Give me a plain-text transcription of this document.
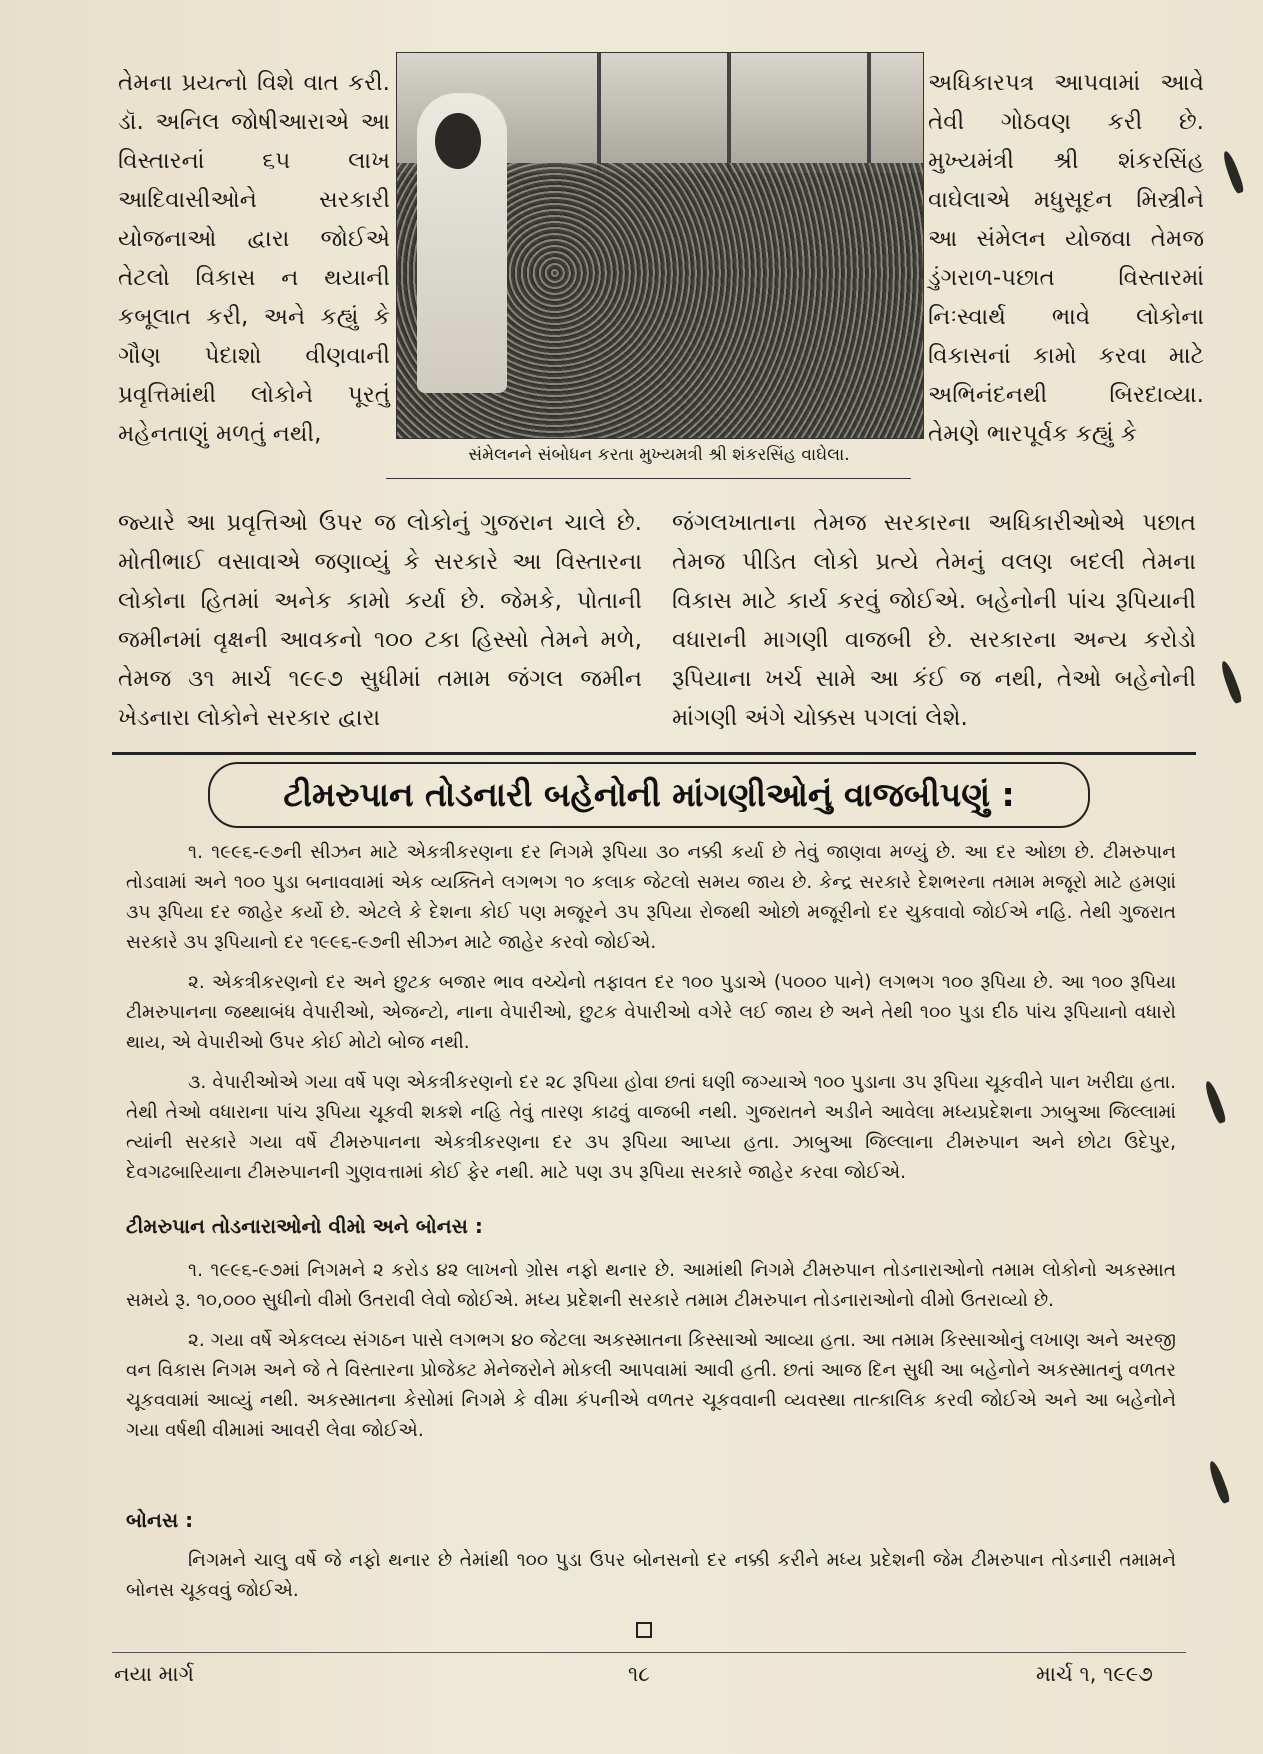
તેમના પ્રયત્નો વિશે વાત કરી. ડૉ. અનિલ જોષીઆરાએ આ વિસ્તારનાં ૬૫ લાખ આદિવાસીઓને સરકારી યોજનાઓ દ્વારા જોઈએ તેટલો વિકાસ ન થયાની કબૂલાત કરી, અને કહ્યું કે ગૌણ પેદાશો વીણવાની પ્રવૃત્તિમાંથી લોકોને પૂરતું મહેનતાણું મળતું નથી,
સંમેલનને સંબોધન કરતા મુખ્યમત્રી શ્રી શંકરસિંહ વાઘેલા.
અધિકારપત્ર આપવામાં આવે તેવી ગોઠવણ કરી છે. મુખ્યમંત્રી શ્રી શંકરસિંહ વાઘેલાએ મધુસૂદન મિસ્ત્રીને આ સંમેલન યોજવા તેમજ ડુંગરાળ-પછાત વિસ્તારમાં નિઃસ્વાર્થ ભાવે લોકોના વિકાસનાં કામો કરવા માટે અભિનંદનથી બિરદાવ્યા. તેમણે ભારપૂર્વક કહ્યું કે
જ્યારે આ પ્રવૃત્તિઓ ઉપર જ લોકોનું ગુજરાન ચાલે છે. મોતીભાઈ વસાવાએ જણાવ્યું કે સરકારે આ વિસ્તારના લોકોના હિતમાં અનેક કામો કર્યા છે. જેમકે, પોતાની જમીનમાં વૃક્ષની આવકનો ૧૦૦ ટકા હિસ્સો તેમને મળે, તેમજ ૩૧ માર્ચ ૧૯૯૭ સુધીમાં તમામ જંગલ જમીન ખેડનારા લોકોને સરકાર દ્વારા
જંગલખાતાના તેમજ સરકારના અધિકારીઓએ પછાત તેમજ પીડિત લોકો પ્રત્યે તેમનું વલણ બદલી તેમના વિકાસ માટે કાર્ય કરવું જોઈએ. બહેનોની પાંચ રૂપિયાની વધારાની માગણી વાજબી છે. સરકારના અન્ય કરોડો રૂપિયાના ખર્ચ સામે આ કંઈ જ નથી, તેઓ બહેનોની માંગણી અંગે ચોક્કસ પગલાં લેશે.
ટીમરુપાન તોડનારી બહેનોની માંગણીઓનું વાજબીપણું :

૧. ૧૯૯૬-૯૭ની સીઝન માટે એકત્રીકરણના દર નિગમે રૂપિયા ૩૦ નક્કી કર્યા છે તેવું જાણવા મળ્યું છે. આ દર ઓછા છે. ટીમરુપાન તોડવામાં અને ૧૦૦ પુડા બનાવવામાં એક વ્યક્તિને લગભગ ૧૦ કલાક જેટલો સમય જાય છે. કેન્દ્ર સરકારે દેશભરના તમામ મજૂરો માટે હમણાં ૩૫ રૂપિયા દર જાહેર કર્યો છે. એટલે કે દેશના કોઈ પણ મજૂરને ૩૫ રૂપિયા રોજથી ઓછો મજૂરીનો દર ચુકવાવો જોઈએ નહિ. તેથી ગુજરાત સરકારે ૩૫ રૂપિયાનો દર ૧૯૯૬-૯૭ની સીઝન માટે જાહેર કરવો જોઈએ.

૨. એકત્રીકરણનો દર અને છુટક બજાર ભાવ વચ્ચેનો તફાવત દર ૧૦૦ પુડાએ (૫૦૦૦ પાને) લગભગ ૧૦૦ રૂપિયા છે. આ ૧૦૦ રૂપિયા ટીમરુપાનના જથ્થાબંધ વેપારીઓ, એજન્ટો, નાના વેપારીઓ, છુટક વેપારીઓ વગેરે લઈ જાય છે અને તેથી ૧૦૦ પુડા દીઠ પાંચ રૂપિયાનો વધારો થાય, એ વેપારીઓ ઉપર કોઈ મોટો બોજ નથી.

૩. વેપારીઓએ ગયા વર્ષે પણ એકત્રીકરણનો દર ૨૮ રૂપિયા હોવા છતાં ઘણી જગ્યાએ ૧૦૦ પુડાના ૩૫ રૂપિયા ચૂકવીને પાન ખરીદ્યા હતા. તેથી તેઓ વધારાના પાંચ રૂપિયા ચૂકવી શકશે નહિ તેવું તારણ કાઢવું વાજબી નથી. ગુજરાતને અડીને આવેલા મધ્યપ્રદેશના ઝાબુઆ જિલ્લામાં ત્યાંની સરકારે ગયા વર્ષે ટીમરુપાનના એકત્રીકરણના દર ૩૫ રૂપિયા આપ્યા હતા. ઝાબુઆ જિલ્લાના ટીમરુપાન અને છોટા ઉદેપુર, દેવગઢબારિયાના ટીમરુપાનની ગુણવત્તામાં કોઈ ફેર નથી. માટે પણ ૩૫ રૂપિયા સરકારે જાહેર કરવા જોઈએ.

ટીમરુપાન તોડનારાઓનો વીમો અને બોનસ :

૧. ૧૯૯૬-૯૭માં નિગમને ૨ કરોડ ૪૨ લાખનો ગ્રોસ નફો થનાર છે. આમાંથી નિગમે ટીમરુપાન તોડનારાઓનો તમામ લોકોનો અકસ્માત સમયે રૂ. ૧૦,૦૦૦ સુધીનો વીમો ઉતરાવી લેવો જોઈએ. મધ્ય પ્રદેશની સરકારે તમામ ટીમરુપાન તોડનારાઓનો વીમો ઉતરાવ્યો છે.

૨. ગયા વર્ષે એકલવ્ય સંગઠન પાસે લગભગ ૪૦ જેટલા અકસ્માતના કિસ્સાઓ આવ્યા હતા. આ તમામ કિસ્સાઓનું લખાણ અને અરજી વન વિકાસ નિગમ અને જે તે વિસ્તારના પ્રોજેક્ટ મેનેજરોને મોકલી આપવામાં આવી હતી. છતાં આજ દિન સુધી આ બહેનોને અકસ્માતનું વળતર ચૂકવવામાં આવ્યું નથી. અકસ્માતના કેસોમાં નિગમે કે વીમા કંપનીએ વળતર ચૂકવવાની વ્યવસ્થા તાત્કાલિક કરવી જોઈએ અને આ બહેનોને ગયા વર્ષથી વીમામાં આવરી લેવા જોઈએ.

બોનસ :

નિગમને ચાલુ વર્ષે જે નફો થનાર છે તેમાંથી ૧૦૦ પુડા ઉપર બોનસનો દર નક્કી કરીને મધ્ય પ્રદેશની જેમ ટીમરુપાન તોડનારી તમામને બોનસ ચૂકવવું જોઈએ.

નયા માર્ગ	૧૮	માર્ચ ૧, ૧૯૯૭
